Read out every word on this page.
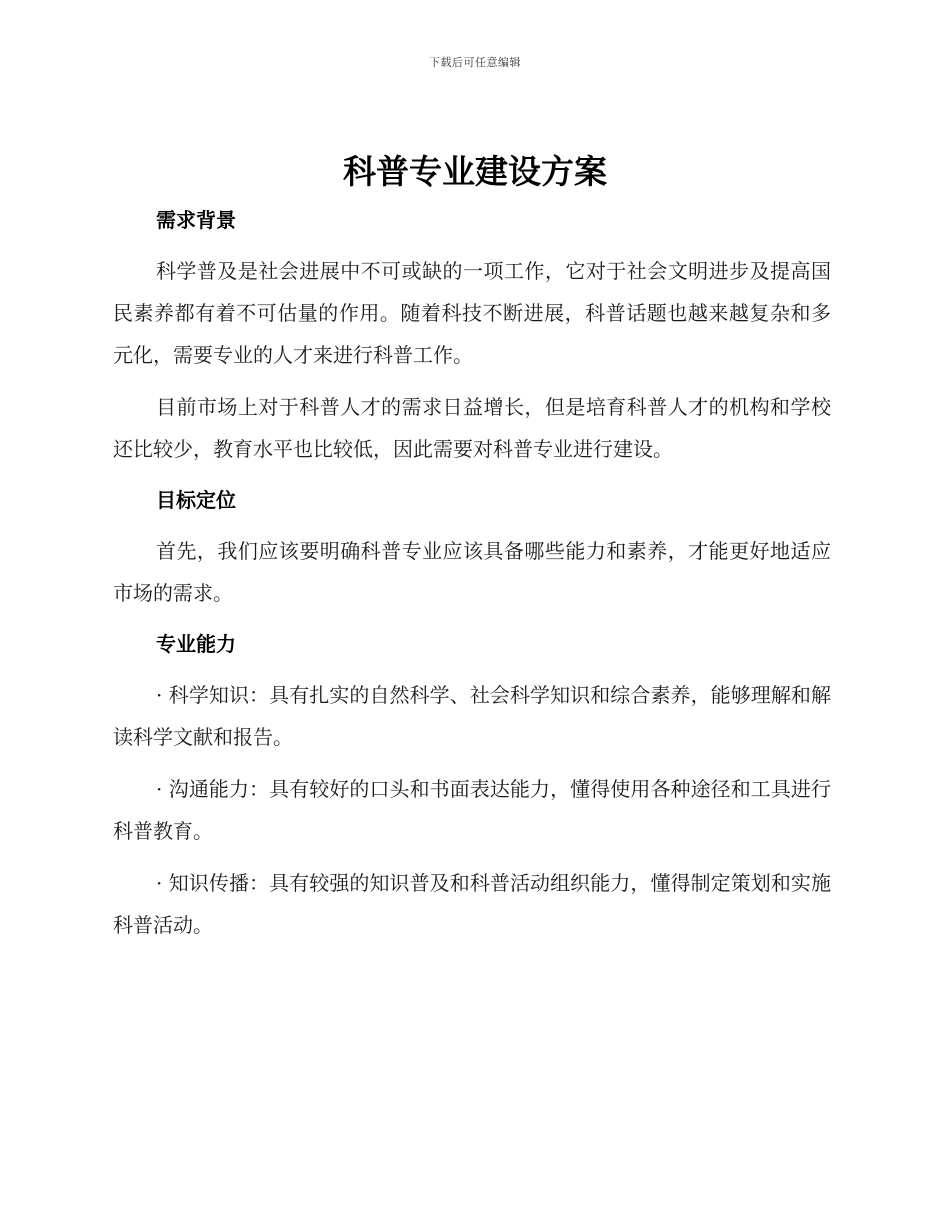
下载后可任意编辑
科普专业建设方案
需求背景

科学普及是社会进展中不可或缺的一项工作，它对于社会文明进步及提高国民素养都有着不可估量的作用。随着科技不断进展，科普话题也越来越复杂和多元化，需要专业的人才来进行科普工作。

目前市场上对于科普人才的需求日益增长，但是培育科普人才的机构和学校还比较少，教育水平也比较低，因此需要对科普专业进行建设。

目标定位

首先，我们应该要明确科普专业应该具备哪些能力和素养，才能更好地适应市场的需求。

专业能力

· 科学知识：具有扎实的自然科学、社会科学知识和综合素养，能够理解和解读科学文献和报告。

· 沟通能力：具有较好的口头和书面表达能力，懂得使用各种途径和工具进行科普教育。

· 知识传播：具有较强的知识普及和科普活动组织能力，懂得制定策划和实施科普活动。
